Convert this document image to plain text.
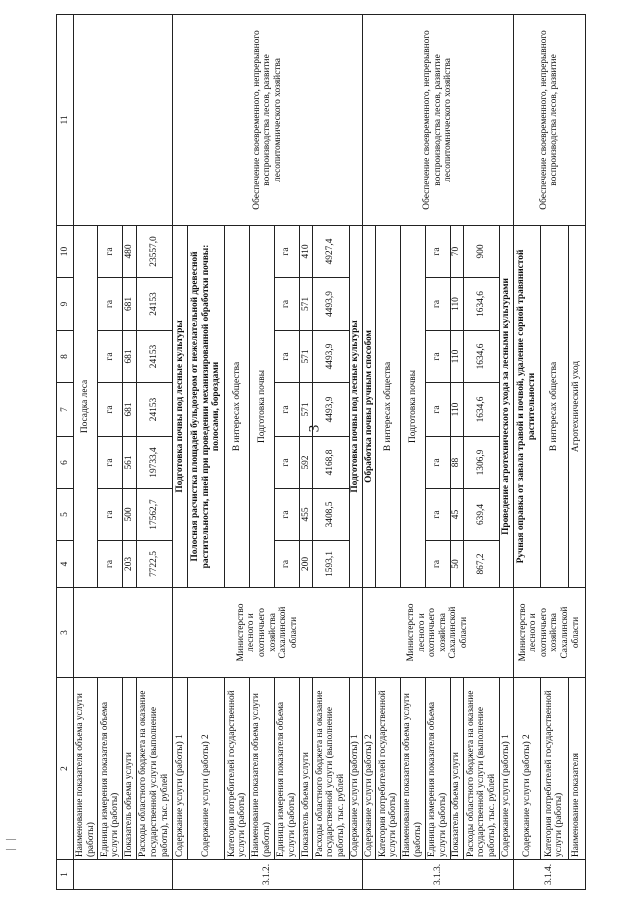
3
—
—
1	2	3	4	5	6	7	8	9	10	11
	Наименование показателя объема услуги (работы)		Посадка леса							
	Единица измерения показателя объема услуги (работы)		га	га	га	га	га	га	га	
	Показатель объема услуги		203	500	561	681	681	681	480	
	Расходы областного бюджета на оказание государственной услуги (выполнение работы), тыс. рублей		7722,5	17562,7	19733,4	24153	24153	24153	23557,0	
3.1.2.	Содержание услуги (работы) 1	Министерство лесного и охотничьего хозяйства Сахалинской области	Подготовка почвы под лесные культуры							Обеспечение своевременного, непрерывного воспроизводства лесов, развитие лесопитомнического хозяйства
	Содержание услуги (работы) 2		Полосная расчистка площадей бульдозером от нежелательной древесной растительности, пней при проведении механизированной обработки почвы: полосами, бороздами							
	Категория потребителей государственной услуги (работы)		В интересах общества							
	Наименование показателя объема услуги (работы)		Подготовка почвы							
	Единица измерения показателя объема услуги (работы)		га	га	га	га	га	га	га	
	Показатель объема услуги		200	455	592	571	571	571	410	
	Расходы областного бюджета на оказание государственной услуги (выполнение работы), тыс. рублей		1593,1	3408,5	4168,8	4493,9	4493,9	4493,9	4927,4	
	Содержание услуги (работы) 1		Подготовка почвы под лесные культуры							
3.1.3.	Содержание услуги (работы) 2	Министерство лесного и охотничьего хозяйства Сахалинской области	Обработка почвы ручным способом							Обеспечение своевременного, непрерывного воспроизводства лесов, развитие лесопитомнического хозяйства
	Категория потребителей государственной услуги (работы)		В интересах общества							
	Наименование показателя объема услуги (работы)		Подготовка почвы							
	Единица измерения показателя объема услуги (работы)		га	га	га	га	га	га	га	
	Показатель объема услуги		50	45	88	110	110	110	70	
	Расходы областного бюджета на оказание государственной услуги (выполнение работы), тыс. рублей		867,2	639,4	1306,9	1634,6	1634,6	1634,6	900	
	Содержание услуги (работы) 1		Проведение агротехнического ухода за лесными культурами							
3.1.4.	Содержание услуги (работы) 2	Министерство лесного и охотничьего хозяйства Сахалинской области	Ручная оправка от завала травой и почвой, удаление сорной травянистой растительности							Обеспечение своевременного, непрерывного воспроизводства лесов, развитие
	Категория потребителей государственной услуги (работы)		В интересах общества							
	Наименование показателя		Агротехнический уход							
